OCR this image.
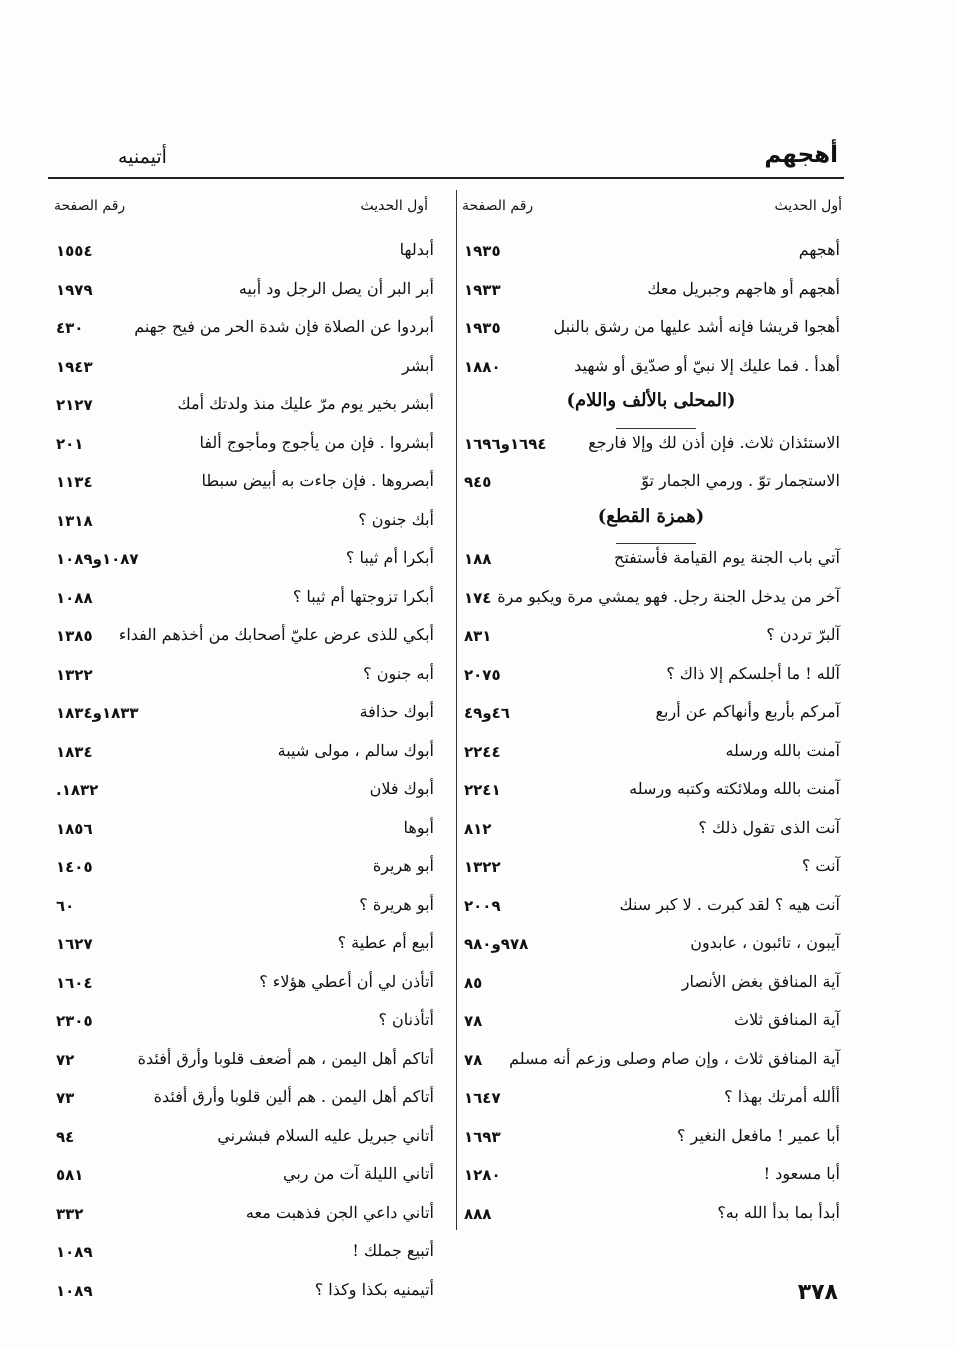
أهجهم
أتيمنيه
أول الحديث
رقم الصفحة
أول الحديث
رقم الصفحة
أهجهم
١٩٣٥
أهجهم أو هاجهم وجبريل معك
١٩٣٣
أهجوا قريشا فإنه أشد عليها من رشق بالنبل
١٩٣٥
أهدأ . فما عليك إلا نبيّ أو صدّيق أو شهيد
١٨٨٠
(المحلى بالألف واللام)
الاستئذان ثلاث. فإن أذن لك وإلا فارجع
١٦٩٤و١٦٩٦
الاستجمار توّ . ورمي الجمار توّ
٩٤٥
(همزة القطع)
آتي باب الجنة يوم القيامة فأستفتح
١٨٨
آخر من يدخل الجنة رجل. فهو يمشي مرة ويكبو مرة
١٧٤
آلبرّ تردن ؟
٨٣١
آلله ! ما أجلسكم إلا ذاك ؟
٢٠٧٥
آمركم بأربع وأنهاكم عن أربع
٤٦و٤٩
آمنت بالله ورسله
٢٢٤٤
آمنت بالله وملائكته وكتبه ورسله
٢٢٤١
آنت الذى تقول ذلك ؟
٨١٢
آنت ؟
١٣٢٢
آنت هيه ؟ لقد كبرت . لا كبر سنك
٢٠٠٩
آيبون ، تائبون ، عابدون
٩٧٨و٩٨٠
آية المنافق بغض الأنصار
٨٥
آية المنافق ثلاث
٧٨
آية المنافق ثلاث ، وإن صام وصلى وزعم أنه مسلم
٧٨
أألله أمرتك بهذا ؟
١٦٤٧
أبا عمير ! مافعل النغير ؟
١٦٩٣
أبا مسعود !
١٢٨٠
أبدأ بما بدأ الله به؟
٨٨٨
أبدلها
١٥٥٤
أبر البر أن يصل الرجل ود أبيه
١٩٧٩
أبردوا عن الصلاة فإن شدة الحر من فيح جهنم
٤٣٠
أبشر
١٩٤٣
أبشر بخير يوم مرّ عليك منذ ولدتك أمك
٢١٢٧
أبشروا . فإن من يأجوج ومأجوج ألفا
٢٠١
أبصروها . فإن جاءت به أبيض سبطا
١١٣٤
أبك جنون ؟
١٣١٨
أبكرا أم ثيبا ؟
١٠٨٧و١٠٨٩
أبكرا تزوجتها أم ثيبا ؟
١٠٨٨
أبكي للذى عرض عليّ أصحابك من أخذهم الفداء
١٣٨٥
أبه جنون ؟
١٣٢٢
أبوك حذافة
١٨٣٣و١٨٣٤
أبوك سالم ، مولى شيبة
١٨٣٤
أبوك فلان
١٨٣٢.
أبوها
١٨٥٦
أبو هريرة
١٤٠٥
أبو هريرة ؟
٦٠
أبيع أم عطية ؟
١٦٢٧
أتأذن لي أن أعطي هؤلاء ؟
١٦٠٤
أتأذنان ؟
٢٣٠٥
أتاكم أهل اليمن ، هم أضعف قلوبا وأرق أفئدة
٧٢
أتاكم أهل اليمن . هم ألين قلوبا وأرق أفئدة
٧٣
أتاني جبريل عليه السلام فبشرني
٩٤
أتاني الليلة آت من ربي
٥٨١
أتاني داعي الجن فذهبت معه
٣٣٢
أتبيع جملك !
١٠٨٩
أتيمنيه بكذا وكذا ؟
١٠٨٩	٣٧٨
